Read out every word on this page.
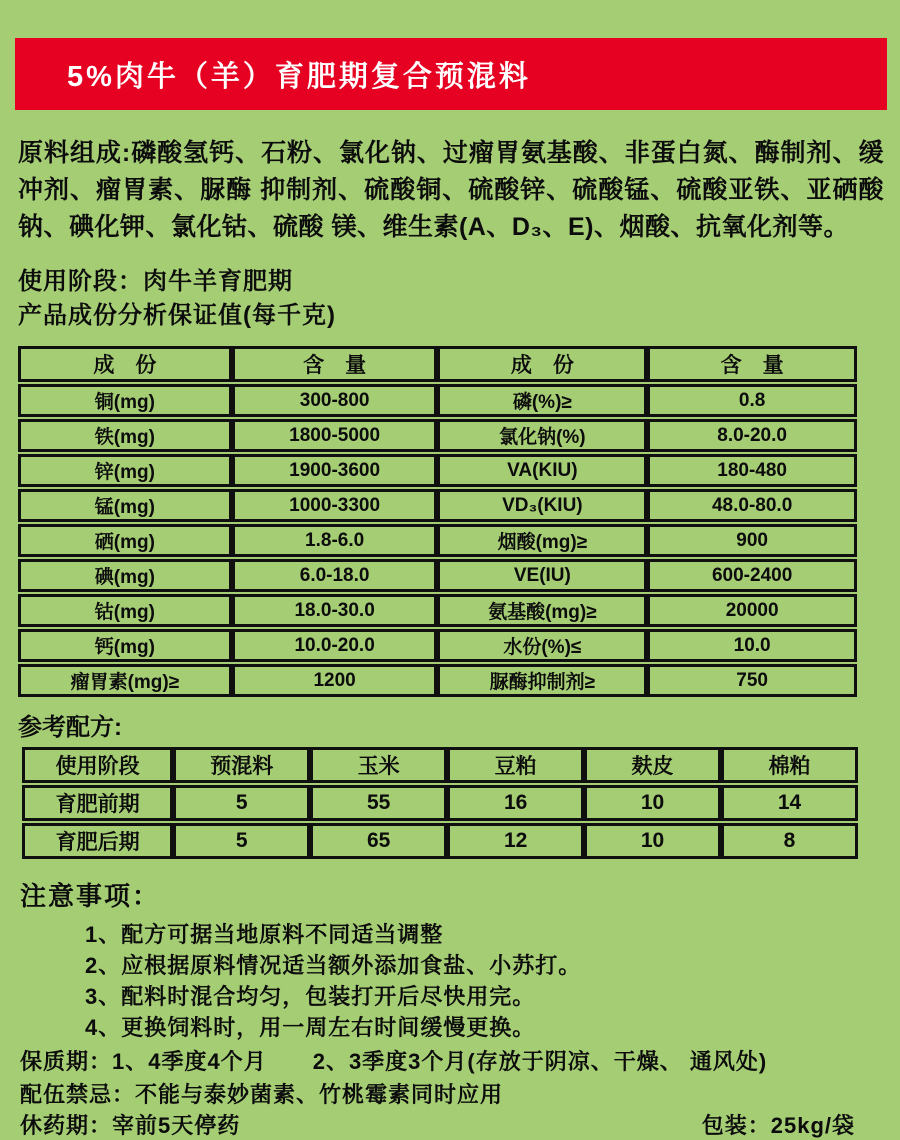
5%肉牛（羊）育肥期复合预混料

原料组成:磷酸氢钙、石粉、氯化钠、过瘤胃氨基酸、非蛋白氮、酶制剂、缓冲剂、瘤胃素、脲酶 抑制剂、硫酸铜、硫酸锌、硫酸锰、硫酸亚铁、亚硒酸钠、碘化钾、氯化钴、硫酸 镁、维生素(A、D₃、E)、烟酸、抗氧化剂等。

使用阶段：肉牛羊育肥期

产品成份分析保证值(每千克)

成　份	含　量	成　份	含　量
铜(mg)	300-800	磷(%)≥	0.8
铁(mg)	1800-5000	氯化钠(%)	8.0-20.0
锌(mg)	1900-3600	VA(KIU)	180-480
锰(mg)	1000-3300	VD₃(KIU)	48.0-80.0
硒(mg)	1.8-6.0	烟酸(mg)≥	900
碘(mg)	6.0-18.0	VE(IU)	600-2400
钴(mg)	18.0-30.0	氨基酸(mg)≥	20000
钙(mg)	10.0-20.0	水份(%)≤	10.0
瘤胃素(mg)≥	1200	脲酶抑制剂≥	750
参考配方:
使用阶段	预混料	玉米	豆粕	麸皮	棉粕
育肥前期	5	55	16	10	14
育肥后期	5	65	12	10	8
注意事项：
1、配方可据当地原料不同适当调整
2、应根据原料情况适当额外添加食盐、小苏打。
3、配料时混合均匀，包装打开后尽快用完。
4、更换饲料时，用一周左右时间缓慢更换。

保质期：1、4季度4个月　　2、3季度3个月(存放于阴凉、干燥、 通风处)

配伍禁忌：不能与泰妙菌素、竹桃霉素同时应用

休药期：宰前5天停药	包装：25kg/袋
